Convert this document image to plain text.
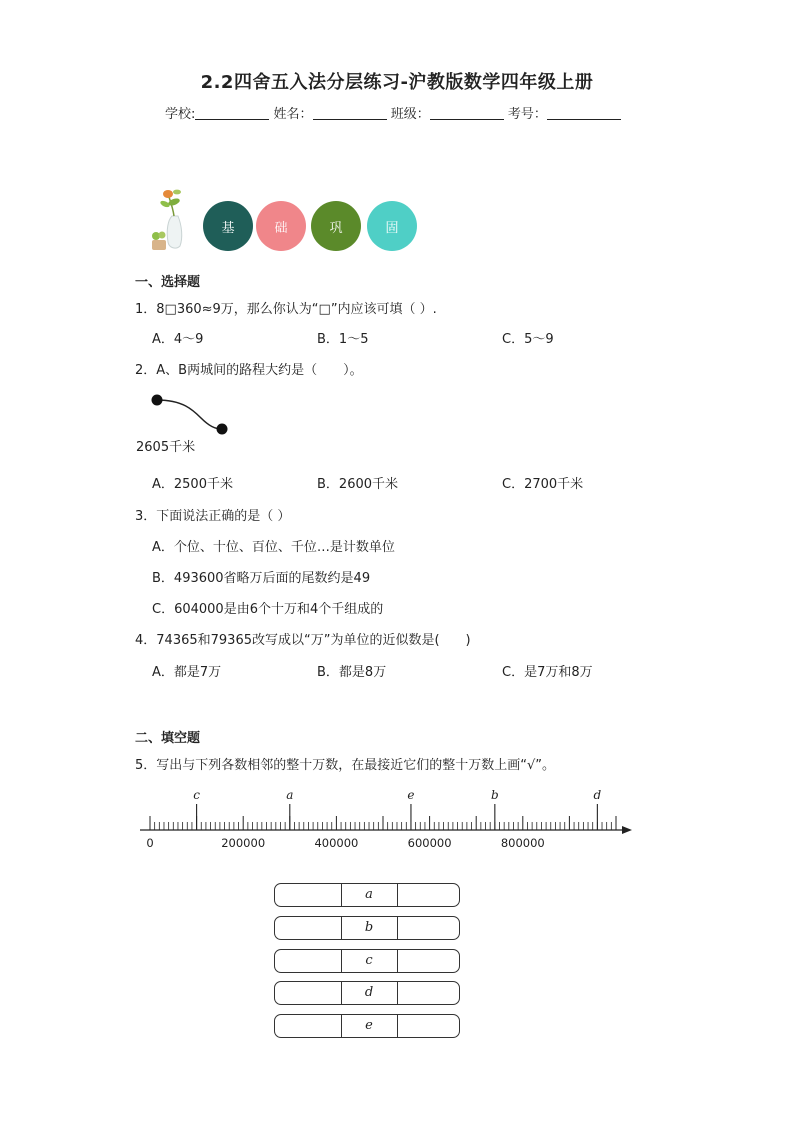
2.2四舍五入法分层练习-沪教版数学四年级上册
学校:	姓名：	班级：	考号：
基	础	巩	固
一、选择题
1．8□360≈9万，那么你认为“□”内应该可填（ ）.
A．4～9	B．1～5	C．5～9
2．A、B两城间的路程大约是（　　）。
2605千米
A．2500千米	B．2600千米	C．2700千米
3．下面说法正确的是（ ）
A．个位、十位、百位、千位…是计数单位
B．493600省略万后面的尾数约是49
C．604000是由6个十万和4个千组成的
4．74365和79365改写成以“万”为单位的近似数是(　　)
A．都是7万	B．都是8万	C．是7万和8万
二、填空题
5．写出与下列各数相邻的整十万数，在最接近它们的整十万数上画“√”。
0	200000	400000	600000	800000
c	a	e	b	d
a
b
c
d
e
